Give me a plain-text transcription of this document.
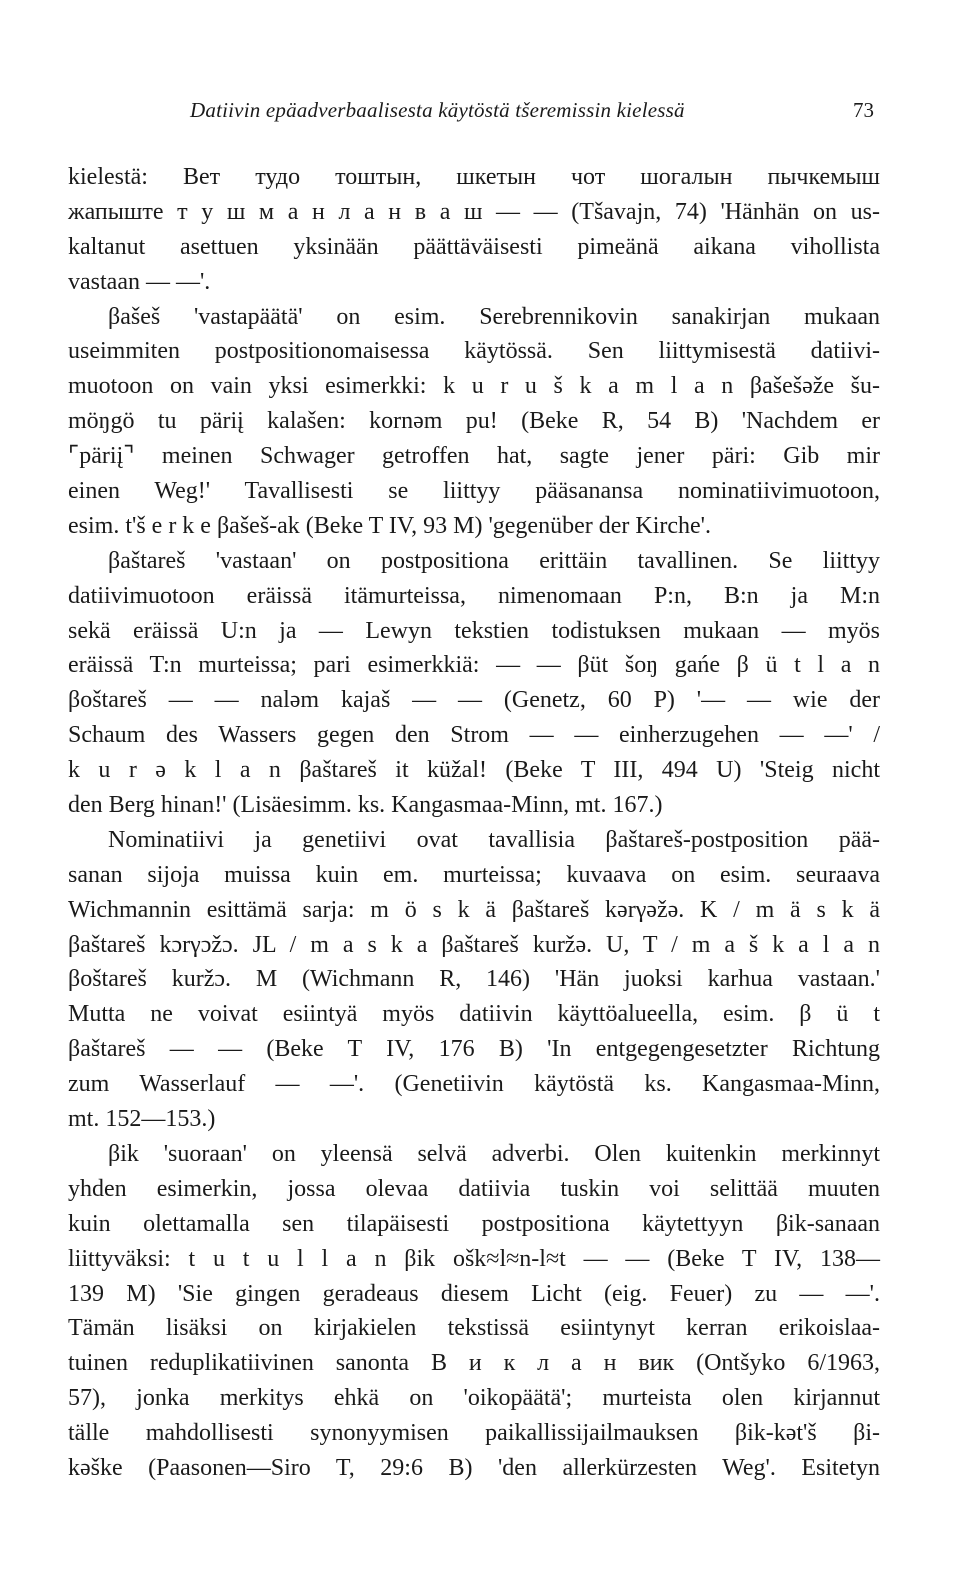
Datiivin epäadverbaalisesta käytöstä tšeremissin kielessä	73
kielestä: Вет тудо тоштын, шкетын чот шогалын пычкемыш
жапыште т у ш м а н л а н в а ш — — (Tšavajn, 74) 'Hänhän on us-
kaltanut asettuen yksinään päättäväisesti pimeänä aikana vihollista
vastaan — —'.
βašeš 'vastapäätä' on esim. Serebrennikovin sanakirjan mukaan
useimmiten postpositionomaisessa käytössä. Sen liittymisestä datiivi-
muotoon on vain yksi esimerkki: k u r u š k a m l a n βašešəže šu-
möŋgö tu päriį kalašen: kornəm pu! (Beke R, 54 B) 'Nachdem er
⌜päriį⌝ meinen Schwager getroffen hat, sagte jener päri: Gib mir
einen Weg!' Tavallisesti se liittyy pääsanansa nominatiivimuotoon,
esim. t'š e r k e βašeš-ak (Beke T IV, 93 M) 'gegenüber der Kirche'.
βaštareš 'vastaan' on postpositiona erittäin tavallinen. Se liittyy
datiivimuotoon eräissä itämurteissa, nimenomaan P:n, B:n ja M:n
sekä eräissä U:n ja — Lewyn tekstien todistuksen mukaan — myös
eräissä T:n murteissa; pari esimerkkiä: — — βüt šoŋ gańe β ü t l a n
βoštareš — — naləm kajaš — — (Genetz, 60 P) '— — wie der
Schaum des Wassers gegen den Strom — — einherzugehen — —' /
k u r ə k l a n βaštareš it küžal! (Beke T III, 494 U) 'Steig nicht
den Berg hinan!' (Lisäesimm. ks. Kangasmaa-Minn, mt. 167.)
Nominatiivi ja genetiivi ovat tavallisia βaštareš-postposition pää-
sanan sijoja muissa kuin em. murteissa; kuvaava on esim. seuraava
Wichmannin esittämä sarja: m ö s k ä βaštareš kərγəžə. K / m ä s k ä
βaštareš kɔrγɔžɔ. JL / m a s k a βaštareš kuržə. U, T / m a š k a l a n
βoštareš kuržɔ. M (Wichmann R, 146) 'Hän juoksi karhua vastaan.'
Mutta ne voivat esiintyä myös datiivin käyttöalueella, esim. β ü t
βaštareš — — (Beke T IV, 176 B) 'In entgegengesetzter Richtung
zum Wasserlauf — —'. (Genetiivin käytöstä ks. Kangasmaa-Minn,
mt. 152—153.)
βik 'suoraan' on yleensä selvä adverbi. Olen kuitenkin merkinnyt
yhden esimerkin, jossa olevaa datiivia tuskin voi selittää muuten
kuin olettamalla sen tilapäisesti postpositiona käytettyyn βik-sanaan
liittyväksi: t u t u l l a n βik ošk≈l≈n-l≈t — — (Beke T IV, 138—
139 M) 'Sie gingen geradeaus diesem Licht (eig. Feuer) zu — —'.
Tämän lisäksi on kirjakielen tekstissä esiintynyt kerran erikoislaa-
tuinen reduplikatiivinen sanonta В и к л а н вик (Ontšyko 6/1963,
57), jonka merkitys ehkä on 'oikopäätä'; murteista olen kirjannut
tälle mahdollisesti synonyymisen paikallissijailmauksen βik-kət'š βi-
kəške (Paasonen—Siro T, 29:6 B) 'den allerkürzesten Weg'. Esitetyn
